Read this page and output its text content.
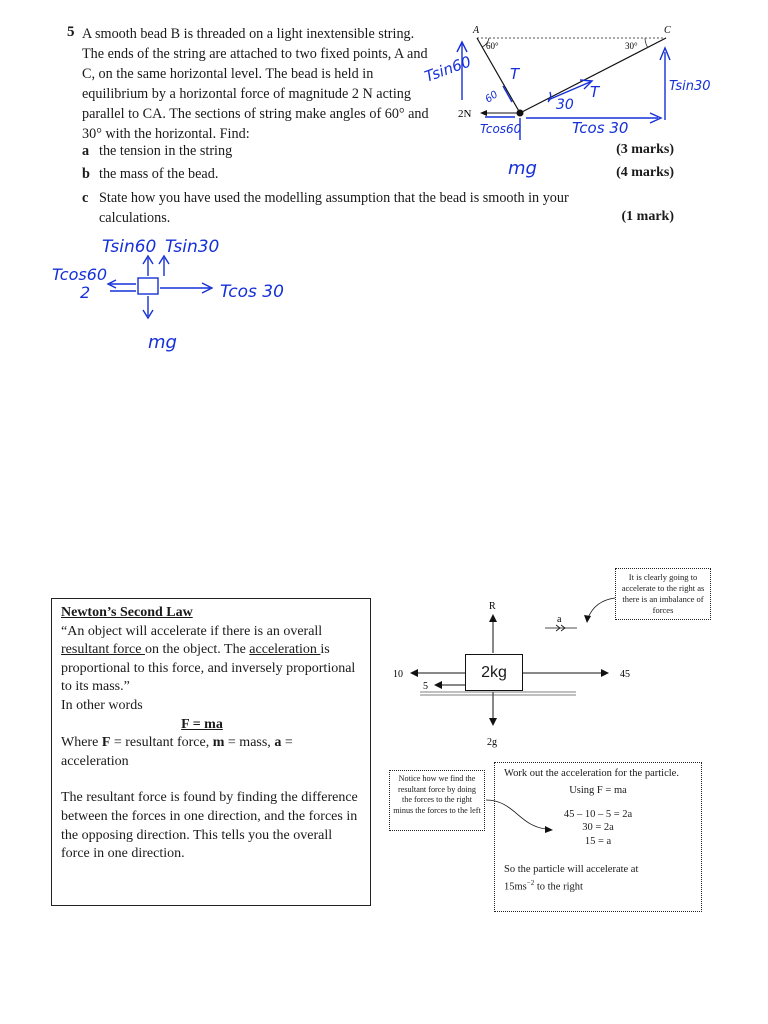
5 A smooth bead B is threaded on a light inextensible string. The ends of the string are attached to two fixed points, A and C, on the same horizontal level. The bead is held in equilibrium by a horizontal force of magnitude 2 N acting parallel to CA. The sections of string make angles of 60° and 30° with the horizontal. Find:
a the tension in the string	(3 marks)
b the mass of the bead.	(4 marks)
c State how you have used the modelling assumption that the bead is smooth in your calculations.	(1 mark)
A	C
60°	30°
2N
Tsin60 T
60	30
T	Tsin30
Tcos60	Tcos 30
mg
Tsin60 Tsin30
Tcos60
2	Tcos 30
mg

Newton’s Second Law

“An object will accelerate if there is an overall resultant force on the object. The acceleration is proportional to this force, and inversely proportional to its mass.”

In other words

F = ma

Where F = resultant force, m = mass, a = acceleration

The resultant force is found by finding the difference between the forces in one direction, and the forces in the opposing direction. This tells you the overall force in one direction.

R
2g
10
5
45
a
2kg
It is clearly going to accelerate to the right as there is an imbalance of forces
Notice how we find the resultant force by doing the forces to the right minus the forces to the left

Work out the acceleration for the particle.

Using F = ma

45 – 10 – 5 = 2a

30 = 2a

15 = a

So the particle will accelerate at

$15ms^{-2}$ to the right
